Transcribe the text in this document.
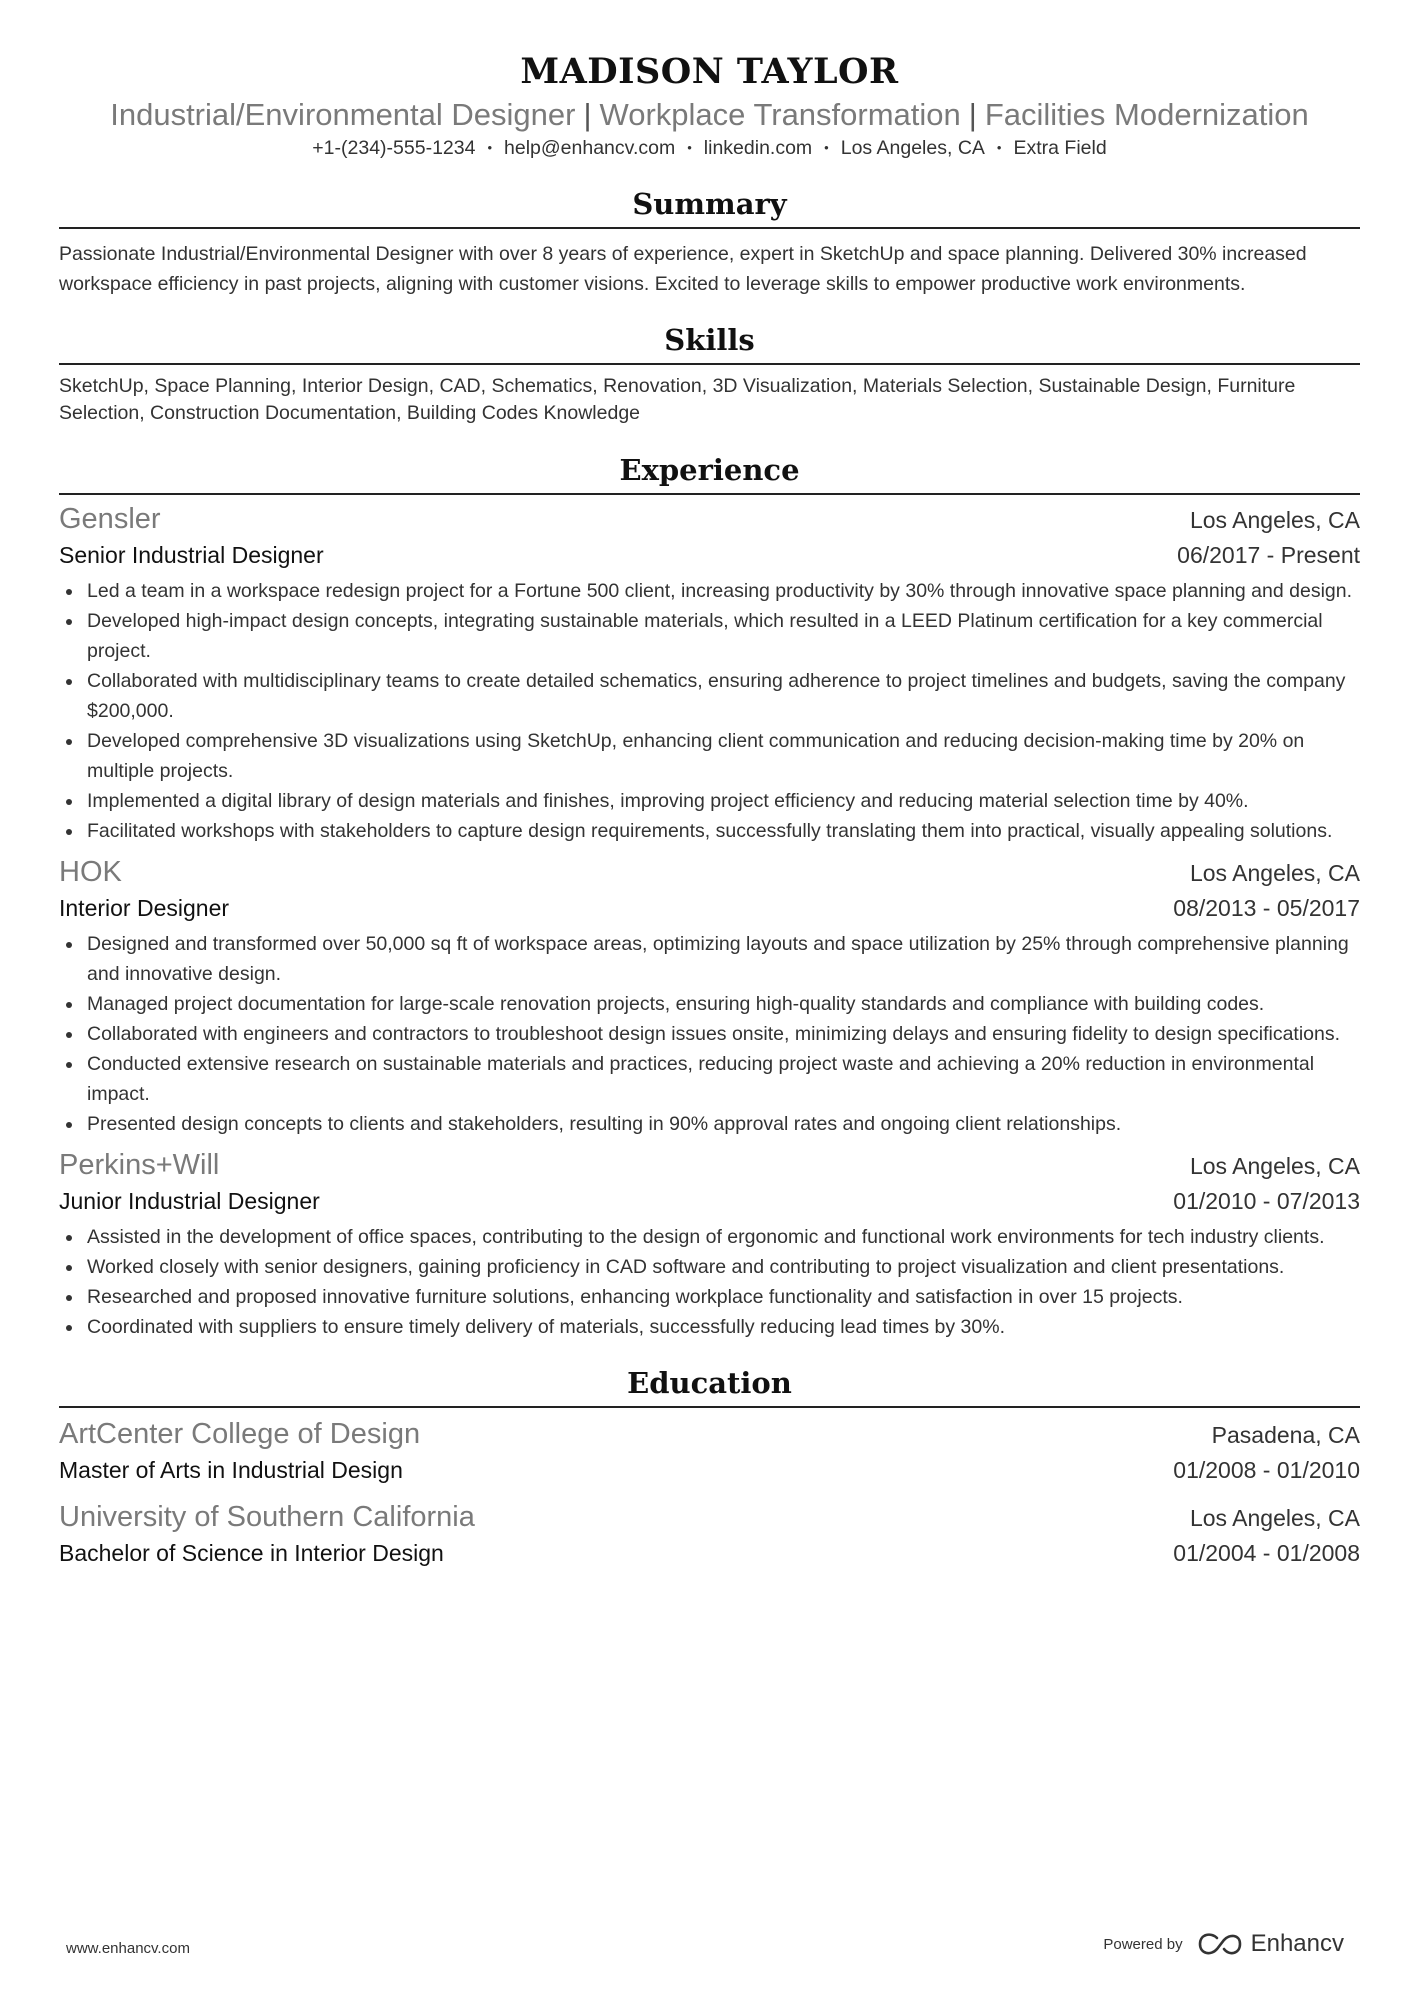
MADISON TAYLOR
Industrial/Environmental Designer | Workplace Transformation | Facilities Modernization
+1-(234)-555-1234 • help@enhancv.com • linkedin.com • Los Angeles, CA • Extra Field
Summary
Passionate Industrial/Environmental Designer with over 8 years of experience, expert in SketchUp and space planning. Delivered 30% increased workspace efficiency in past projects, aligning with customer visions. Excited to leverage skills to empower productive work environments.
Skills
SketchUp, Space Planning, Interior Design, CAD, Schematics, Renovation, 3D Visualization, Materials Selection, Sustainable Design, Furniture Selection, Construction Documentation, Building Codes Knowledge
Experience
Gensler	Los Angeles, CA
Senior Industrial Designer	06/2017 - Present
Led a team in a workspace redesign project for a Fortune 500 client, increasing productivity by 30% through innovative space planning and design.
Developed high-impact design concepts, integrating sustainable materials, which resulted in a LEED Platinum certification for a key commercial project.
Collaborated with multidisciplinary teams to create detailed schematics, ensuring adherence to project timelines and budgets, saving the company $200,000.
Developed comprehensive 3D visualizations using SketchUp, enhancing client communication and reducing decision-making time by 20% on multiple projects.
Implemented a digital library of design materials and finishes, improving project efficiency and reducing material selection time by 40%.
Facilitated workshops with stakeholders to capture design requirements, successfully translating them into practical, visually appealing solutions.
HOK	Los Angeles, CA
Interior Designer	08/2013 - 05/2017
Designed and transformed over 50,000 sq ft of workspace areas, optimizing layouts and space utilization by 25% through comprehensive planning and innovative design.
Managed project documentation for large-scale renovation projects, ensuring high-quality standards and compliance with building codes.
Collaborated with engineers and contractors to troubleshoot design issues onsite, minimizing delays and ensuring fidelity to design specifications.
Conducted extensive research on sustainable materials and practices, reducing project waste and achieving a 20% reduction in environmental impact.
Presented design concepts to clients and stakeholders, resulting in 90% approval rates and ongoing client relationships.
Perkins+Will	Los Angeles, CA
Junior Industrial Designer	01/2010 - 07/2013
Assisted in the development of office spaces, contributing to the design of ergonomic and functional work environments for tech industry clients.
Worked closely with senior designers, gaining proficiency in CAD software and contributing to project visualization and client presentations.
Researched and proposed innovative furniture solutions, enhancing workplace functionality and satisfaction in over 15 projects.
Coordinated with suppliers to ensure timely delivery of materials, successfully reducing lead times by 30%.
Education
ArtCenter College of Design	Pasadena, CA
Master of Arts in Industrial Design	01/2008 - 01/2010
University of Southern California	Los Angeles, CA
Bachelor of Science in Interior Design	01/2004 - 01/2008
www.enhancv.com	Powered by	Enhancv
